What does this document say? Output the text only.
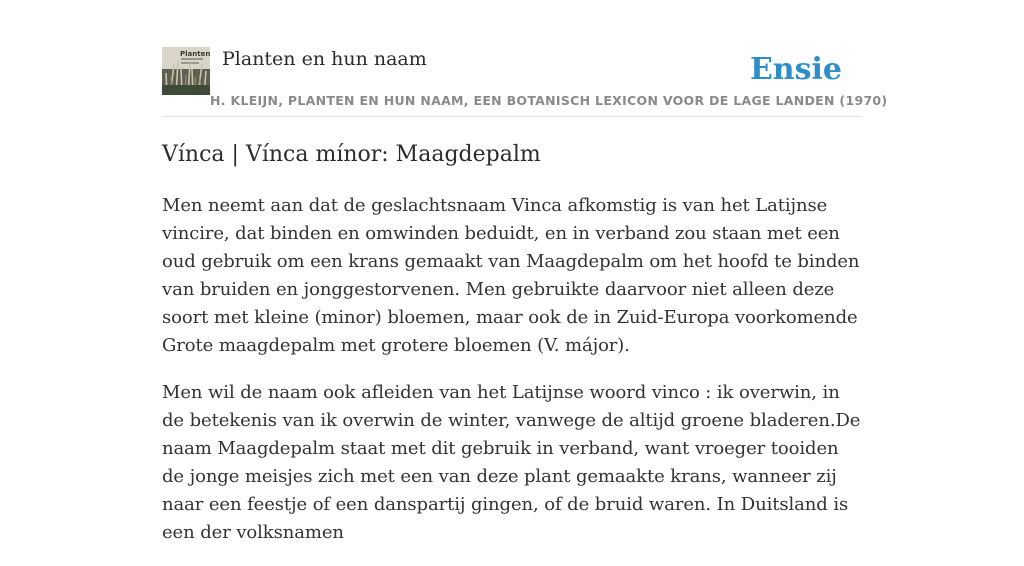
Planten Planten en hun naam	Ensie
H. KLEIJN, PLANTEN EN HUN NAAM, EEN BOTANISCH LEXICON VOOR DE LAGE LANDEN (1970)
Vínca | Vínca mínor: Maagdepalm

Men neemt aan dat de geslachtsnaam Vinca afkomstig is van het Latijnse vincire, dat binden en omwinden beduidt, en in verband zou staan met een oud gebruik om een krans gemaakt van Maagdepalm om het hoofd te binden van bruiden en jonggestorvenen. Men gebruikte daarvoor niet alleen deze soort met kleine (minor) bloemen, maar ook de in Zuid-Europa voorkomende Grote maagdepalm met grotere bloemen (V. májor).

Men wil de naam ook afleiden van het Latijnse woord vinco : ik overwin, in de betekenis van ik overwin de winter, vanwege de altijd groene bladeren.De naam Maagdepalm staat met dit gebruik in verband, want vroeger tooiden de jonge meisjes zich met een van deze plant gemaakte krans, wanneer zij naar een feestje of een danspartij gingen, of de bruid waren. In Duitsland is een der volksnamen
